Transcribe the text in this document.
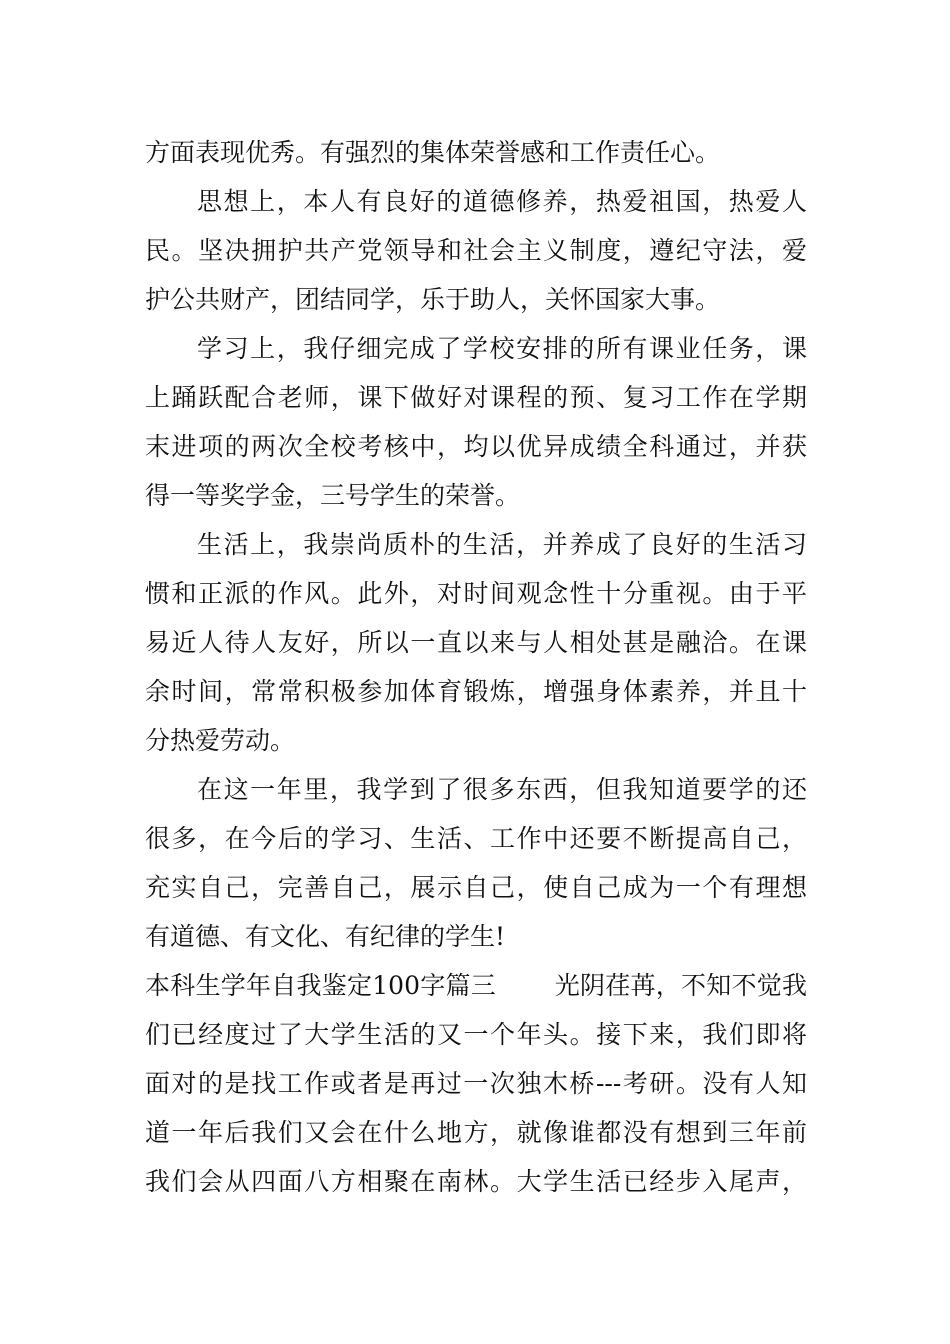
方面表现优秀。有强烈的集体荣誉感和工作责任心。
思想上，本人有良好的道德修养，热爱祖国，热爱人
民。坚决拥护共产党领导和社会主义制度，遵纪守法，爱
护公共财产，团结同学，乐于助人，关怀国家大事。
学习上，我仔细完成了学校安排的所有课业任务，课
上踊跃配合老师，课下做好对课程的预、复习工作在学期
末进项的两次全校考核中，均以优异成绩全科通过，并获
得一等奖学金，三号学生的荣誉。
生活上，我崇尚质朴的生活，并养成了良好的生活习
惯和正派的作风。此外，对时间观念性十分重视。由于平
易近人待人友好，所以一直以来与人相处甚是融洽。在课
余时间，常常积极参加体育锻炼，增强身体素养，并且十
分热爱劳动。
在这一年里，我学到了很多东西，但我知道要学的还
很多，在今后的学习、生活、工作中还要不断提高自己，
充实自己，完善自己，展示自己，使自己成为一个有理想
有道德、有文化、有纪律的学生!
本科生学年自我鉴定100字篇三　　 光阴荏苒，不知不觉我
们已经度过了大学生活的又一个年头。接下来，我们即将
面对的是找工作或者是再过一次独木桥---考研。没有人知
道一年后我们又会在什么地方，就像谁都没有想到三年前
我们会从四面八方相聚在南林。大学生活已经步入尾声，
